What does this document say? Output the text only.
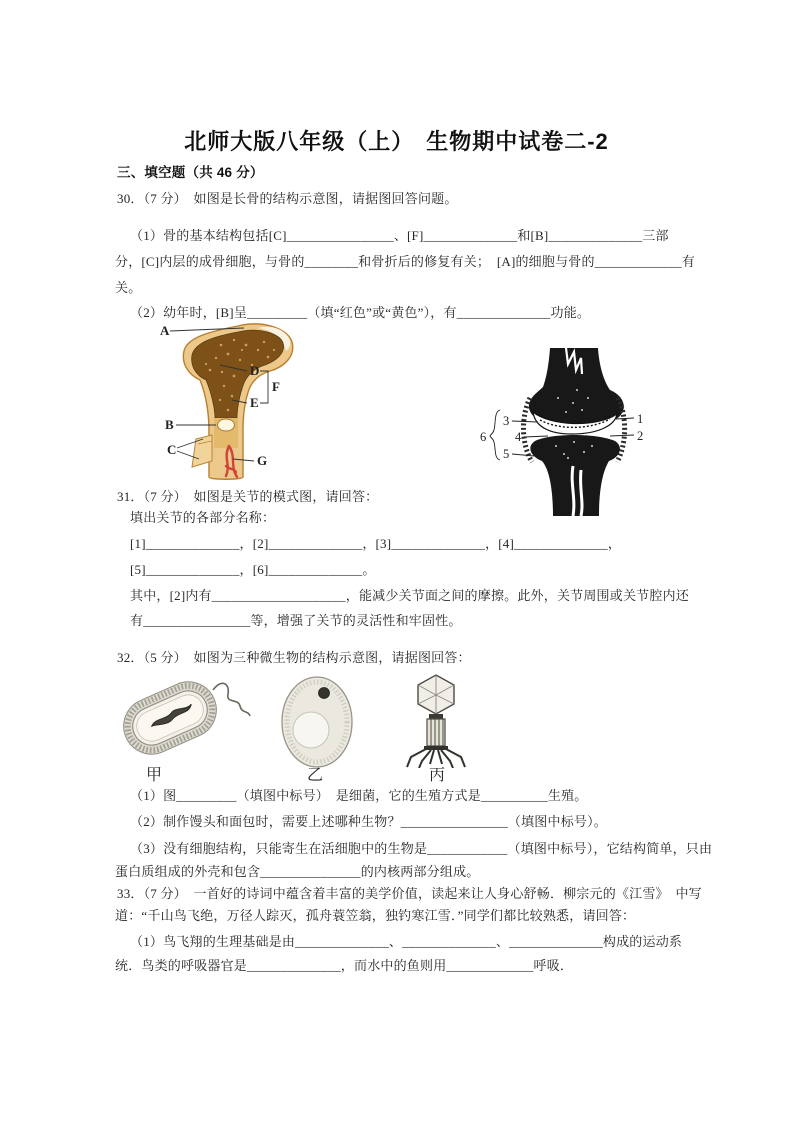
北师大版八年级（上）　生物期中试卷二-2
三、填空题（共 46 分）
30．（7 分）　如图是长骨的结构示意图，请据图回答问题。
（1）骨的基本结构包括[C]________________、[F]______________和[B]______________三部
分，[C]内层的成骨细胞，与骨的________和骨折后的修复有关；　[A]的细胞与骨的_____________有
关。
（2）幼年时，[B]呈_________（填“红色”或“黄色”），有______________功能。
A
D
F
E
B
C
G
3
4
5
6
1
2
31．（7 分）　如图是关节的模式图，请回答：
填出关节的各部分名称：
[1]______________，[2]______________，[3]______________，[4]______________，
[5]______________，[6]______________。
其中，[2]内有____________________，能减少关节面之间的摩擦。此外，关节周围或关节腔内还
有________________等，增强了关节的灵活性和牢固性。
32．（5 分）　如图为三种微生物的结构示意图，请据图回答：
甲	乙	丙
（1）图_________（填图中标号）　是细菌，它的生殖方式是__________生殖。
（2）制作馒头和面包时，需要上述哪种生物？________________（填图中标号）。
（3）没有细胞结构，只能寄生在活细胞中的生物是____________（填图中标号），它结构简单，只由
蛋白质组成的外壳和包含_______________的内核两部分组成。
33．（7 分）　一首好的诗词中蕴含着丰富的美学价值，读起来让人身心舒畅．柳宗元的《江雪》　中写
道：“千山鸟飞绝，万径人踪灭，孤舟蓑笠翁，独钓寒江雪．”同学们都比较熟悉，请回答：
（1）鸟飞翔的生理基础是由______________、______________、______________构成的运动系
统．鸟类的呼吸器官是______________，而水中的鱼则用_____________呼吸．
